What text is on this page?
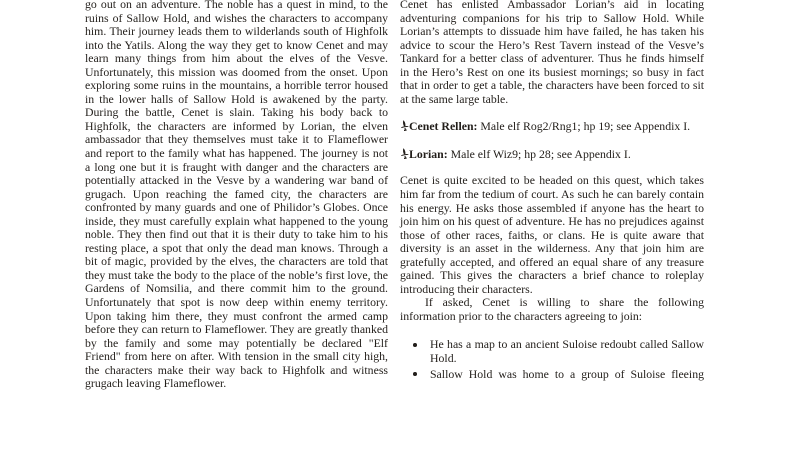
go out on an adventure. The noble has a quest in mind, to the ruins of Sallow Hold, and wishes the characters to accompany him. Their journey leads them to wilderlands south of Highfolk into the Yatils. Along the way they get to know Cenet and may learn many things from him about the elves of the Vesve. Unfortunately, this mission was doomed from the onset. Upon exploring some ruins in the mountains, a horrible terror housed in the lower halls of Sallow Hold is awakened by the party. During the battle, Cenet is slain. Taking his body back to Highfolk, the characters are informed by Lorian, the elven ambassador that they themselves must take it to Flameflower and report to the family what has happened. The journey is not a long one but it is fraught with danger and the characters are potentially attacked in the Vesve by a wandering war band of grugach. Upon reaching the famed city, the characters are confronted by many guards and one of Philidor’s Globes. Once inside, they must carefully explain what happened to the young noble. They then find out that it is their duty to take him to his resting place, a spot that only the dead man knows. Through a bit of magic, provided by the elves, the characters are told that they must take the body to the place of the noble’s first love, the Gardens of Nomsilia, and there commit him to the ground. Unfortunately that spot is now deep within enemy territory. Upon taking him there, they must confront the armed camp before they can return to Flameflower. They are greatly thanked by the family and some may potentially be declared "Elf Friend" from here on after. With tension in the small city high, the characters make their way back to Highfolk and witness grugach leaving Flameflower.

Cenet has enlisted Ambassador Lorian’s aid in locating adventuring companions for his trip to Sallow Hold. While Lorian’s attempts to dissuade him have failed, he has taken his advice to scour the Hero’s Rest Tavern instead of the Vesve’s Tankard for a better class of adventurer. Thus he finds himself in the Hero’s Rest on one its busiest mornings; so busy in fact that in order to get a table, the characters have been forced to sit at the same large table.

Cenet Rellen: Male elf Rog2/Rng1; hp 19; see Appendix I.

Lorian: Male elf Wiz9; hp 28; see Appendix I.

Cenet is quite excited to be headed on this quest, which takes him far from the tedium of court. As such he can barely contain his energy. He asks those assembled if anyone has the heart to join him on his quest of adventure. He has no prejudices against those of other races, faiths, or clans. He is quite aware that diversity is an asset in the wilderness. Any that join him are gratefully accepted, and offered an equal share of any treasure gained. This gives the characters a brief chance to roleplay introducing their characters.

If asked, Cenet is willing to share the following information prior to the characters agreeing to join:

He has a map to an ancient Suloise redoubt called Sallow Hold.
Sallow Hold was home to a group of Suloise fleeing
